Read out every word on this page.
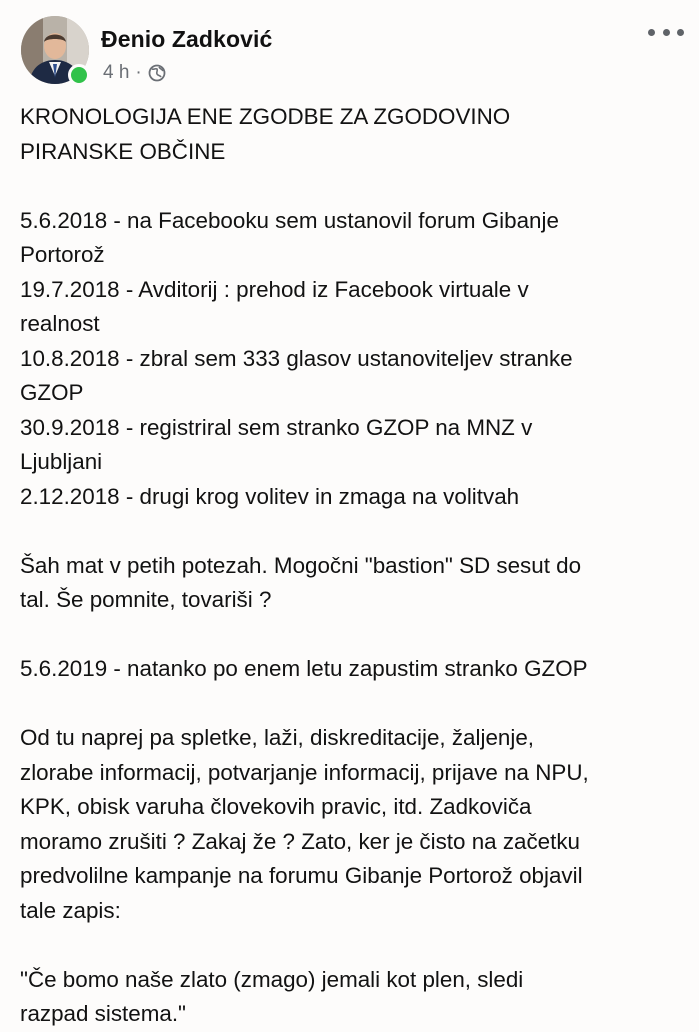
Đenio Zadković
4 h ·

KRONOLOGIJA ENE ZGODBE ZA ZGODOVINO
PIRANSKE OBČINE

5.6.2018 - na Facebooku sem ustanovil forum Gibanje
Portorož

19.7.2018 - Avditorij : prehod iz Facebook virtuale v
realnost

10.8.2018 - zbral sem 333 glasov ustanoviteljev stranke
GZOP

30.9.2018 - registriral sem stranko GZOP na MNZ v
Ljubljani

2.12.2018 - drugi krog volitev in zmaga na volitvah

Šah mat v petih potezah. Mogočni "bastion" SD sesut do
tal. Še pomnite, tovariši ?

5.6.2019 - natanko po enem letu zapustim stranko GZOP

Od tu naprej pa spletke, laži, diskreditacije, žaljenje,
zlorabe informacij, potvarjanje informacij, prijave na NPU,
KPK, obisk varuha človekovih pravic, itd. Zadkoviča
moramo zrušiti ? Zakaj že ? Zato, ker je čisto na začetku
predvolilne kampanje na forumu Gibanje Portorož objavil
tale zapis:

"Če bomo naše zlato (zmago) jemali kot plen, sledi
razpad sistema."
